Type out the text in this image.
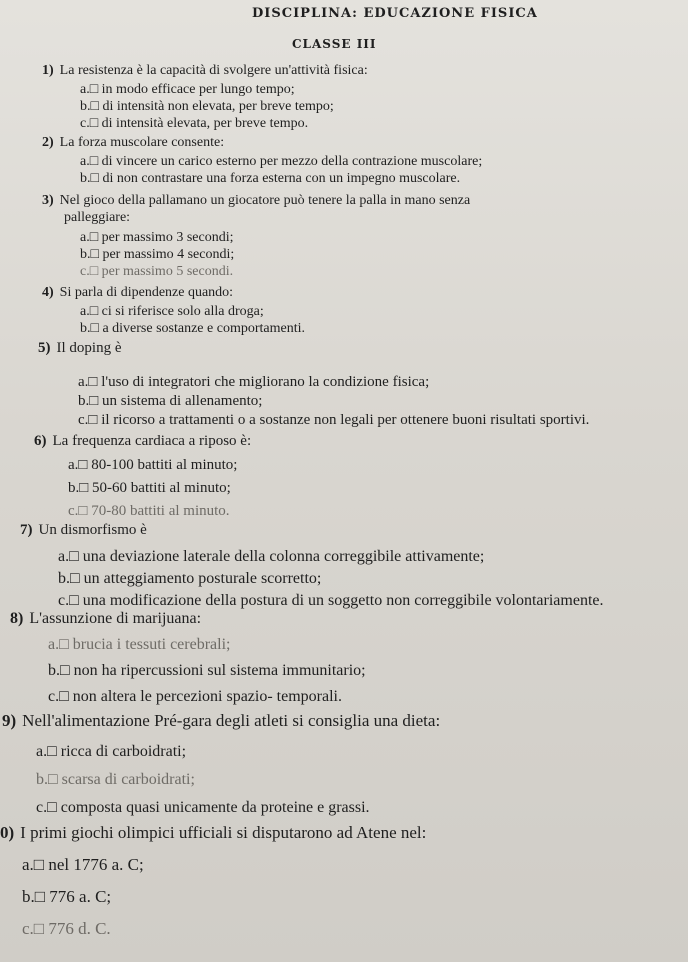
DISCIPLINA: EDUCAZIONE FISICA
CLASSE III
1) La resistenza è la capacità di svolgere un'attività fisica:
a.□ in modo efficace per lungo tempo;
b.□ di intensità non elevata, per breve tempo;
c.□ di intensità elevata, per breve tempo.
2) La forza muscolare consente:
a.□ di vincere un carico esterno per mezzo della contrazione muscolare;
b.□ di non contrastare una forza esterna con un impegno muscolare.
3) Nel gioco della pallamano un giocatore può tenere la palla in mano senza
palleggiare:
a.□ per massimo 3 secondi;
b.□ per massimo 4 secondi;
c.□ per massimo 5 secondi.
4) Si parla di dipendenze quando:
a.□ ci si riferisce solo alla droga;
b.□ a diverse sostanze e comportamenti.
5) Il doping è
a.□ l'uso di integratori che migliorano la condizione fisica;
b.□ un sistema di allenamento;
c.□ il ricorso a trattamenti o a sostanze non legali per ottenere buoni risultati sportivi.
6) La frequenza cardiaca a riposo è:
a.□ 80-100 battiti al minuto;
b.□ 50-60 battiti al minuto;
c.□ 70-80 battiti al minuto.
7) Un dismorfismo è
a.□ una deviazione laterale della colonna correggibile attivamente;
b.□ un atteggiamento posturale scorretto;
c.□ una modificazione della postura di un soggetto non correggibile volontariamente.
8) L'assunzione di marijuana:
a.□ brucia i tessuti cerebrali;
b.□ non ha ripercussioni sul sistema immunitario;
c.□ non altera le percezioni spazio- temporali.
9) Nell'alimentazione Pré-gara degli atleti si consiglia una dieta:
a.□ ricca di carboidrati;
b.□ scarsa di carboidrati;
c.□ composta quasi unicamente da proteine e grassi.
0) I primi giochi olimpici ufficiali si disputarono ad Atene nel:
a.□ nel 1776 a. C;
b.□ 776 a. C;
c.□ 776 d. C.
